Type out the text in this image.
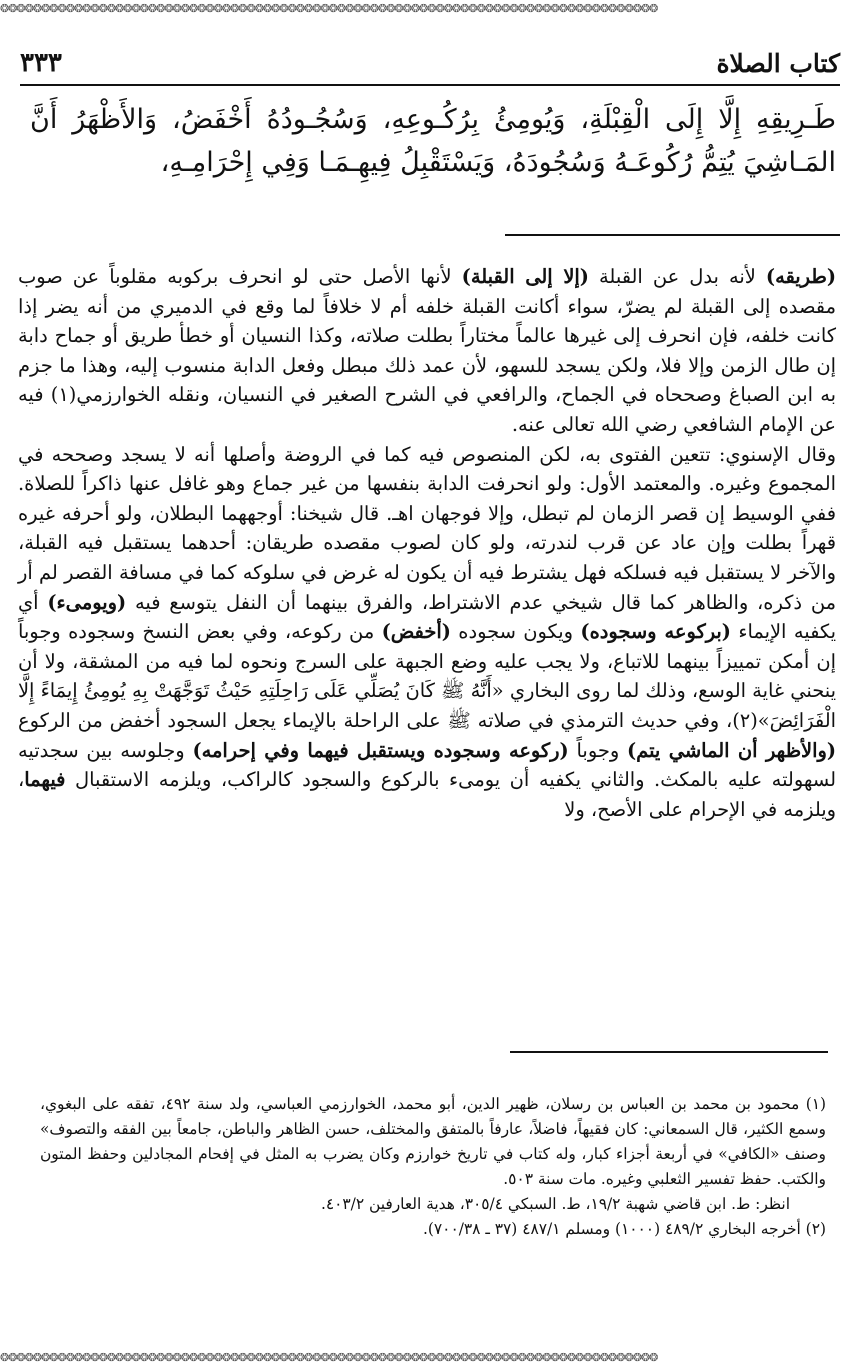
❂❂❂❂❂❂❂❂❂❂❂❂❂❂❂❂❂❂❂❂❂❂❂❂❂❂❂❂❂❂❂❂❂❂❂❂❂❂❂❂❂❂❂❂❂❂❂❂❂❂❂❂❂❂❂❂❂❂❂❂❂❂❂❂❂❂❂❂❂❂❂❂❂❂❂❂❂❂❂❂
كتاب الصلاة
٣٣٣
طَـرِيقِهِ إِلَّا إِلَى الْقِبْلَةِ، وَيُومِئُ بِرُكُـوعِهِ، وَسُجُـودُهُ أَخْفَضُ، وَالأَظْهَرُ أَنَّ المَـاشِيَ يُتِمُّ رُكُوعَـهُ وَسُجُودَهُ، وَيَسْتَقْبِلُ فِيهِـمَـا وَفِي إِحْرَامِـهِ،

(طريقه) لأنه بدل عن القبلة (إلا إلى القبلة) لأنها الأصل حتى لو انحرف بركوبه مقلوباً عن صوب مقصده إلى القبلة لم يضرّ، سواء أكانت القبلة خلفه أم لا خلافاً لما وقع في الدميري من أنه يضر إذا كانت خلفه، فإن انحرف إلى غيرها عالماً مختاراً بطلت صلاته، وكذا النسيان أو خطأ طريق أو جماح دابة إن طال الزمن وإلا فلا، ولكن يسجد للسهو، لأن عمد ذلك مبطل وفعل الدابة منسوب إليه، وهذا ما جزم به ابن الصباغ وصححاه في الجماح، والرافعي في الشرح الصغير في النسيان، ونقله الخوارزمي(١) فيه عن الإمام الشافعي رضي الله تعالى عنه.

وقال الإسنوي: تتعين الفتوى به، لكن المنصوص فيه كما في الروضة وأصلها أنه لا يسجد وصححه في المجموع وغيره. والمعتمد الأول: ولو انحرفت الدابة بنفسها من غير جماع وهو غافل عنها ذاكراً للصلاة. ففي الوسيط إن قصر الزمان لم تبطل، وإلا فوجهان اهـ. قال شيخنا: أوجههما البطلان، ولو أحرفه غيره قهراً بطلت وإن عاد عن قرب لندرته، ولو كان لصوب مقصده طريقان: أحدهما يستقبل فيه القبلة، والآخر لا يستقبل فيه فسلكه فهل يشترط فيه أن يكون له غرض في سلوكه كما في مسافة القصر لم أر من ذكره، والظاهر كما قال شيخي عدم الاشتراط، والفرق بينهما أن النفل يتوسع فيه (ويومىء) أي يكفيه الإيماء (بركوعه وسجوده) ويكون سجوده (أخفض) من ركوعه، وفي بعض النسخ وسجوده وجوباً إن أمكن تمييزاً بينهما للاتباع، ولا يجب عليه وضع الجبهة على السرج ونحوه لما فيه من المشقة، ولا أن ينحني غاية الوسع، وذلك لما روى البخاري «أَنَّهُ ﷺ كَانَ يُصَلِّي عَلَى رَاحِلَتِهِ حَيْثُ تَوَجَّهَتْ بِهِ يُومِئُ إِيمَاءً إِلَّا الْفَرَائِضَ»(٢)، وفي حديث الترمذي في صلاته ﷺ على الراحلة بالإيماء يجعل السجود أخفض من الركوع (والأظهر أن الماشي يتم) وجوباً (ركوعه وسجوده ويستقبل فيهما وفي إحرامه) وجلوسه بين سجدتيه لسهولته عليه بالمكث. والثاني يكفيه أن يومىء بالركوع والسجود كالراكب، ويلزمه الاستقبال فيهما، ويلزمه في الإحرام على الأصح، ولا

(١) محمود بن محمد بن العباس بن رسلان، ظهير الدين، أبو محمد، الخوارزمي العباسي، ولد سنة ٤٩٢، تفقه على البغوي، وسمع الكثير، قال السمعاني: كان فقيهاً، فاضلاً، عارفاً بالمتفق والمختلف، حسن الظاهر والباطن، جامعاً بين الفقه والتصوف» وصنف «الكافي» في أربعة أجزاء كبار، وله كتاب في تاريخ خوارزم وكان يضرب به المثل في إفحام المجادلين وحفظ المتون والكتب. حفظ تفسير الثعلبي وغيره. مات سنة ٥٠٣.

انظر: ط. ابن قاضي شهبة ١٩/٢، ط. السبكي ٣٠٥/٤، هدية العارفين ٤٠٣/٢.

(٢) أخرجه البخاري ٤٨٩/٢ (١٠٠٠) ومسلم ٤٨٧/١ (٣٧ ـ ٧٠٠/٣٨).

❂❂❂❂❂❂❂❂❂❂❂❂❂❂❂❂❂❂❂❂❂❂❂❂❂❂❂❂❂❂❂❂❂❂❂❂❂❂❂❂❂❂❂❂❂❂❂❂❂❂❂❂❂❂❂❂❂❂❂❂❂❂❂❂❂❂❂❂❂❂❂❂❂❂❂❂❂❂❂❂
